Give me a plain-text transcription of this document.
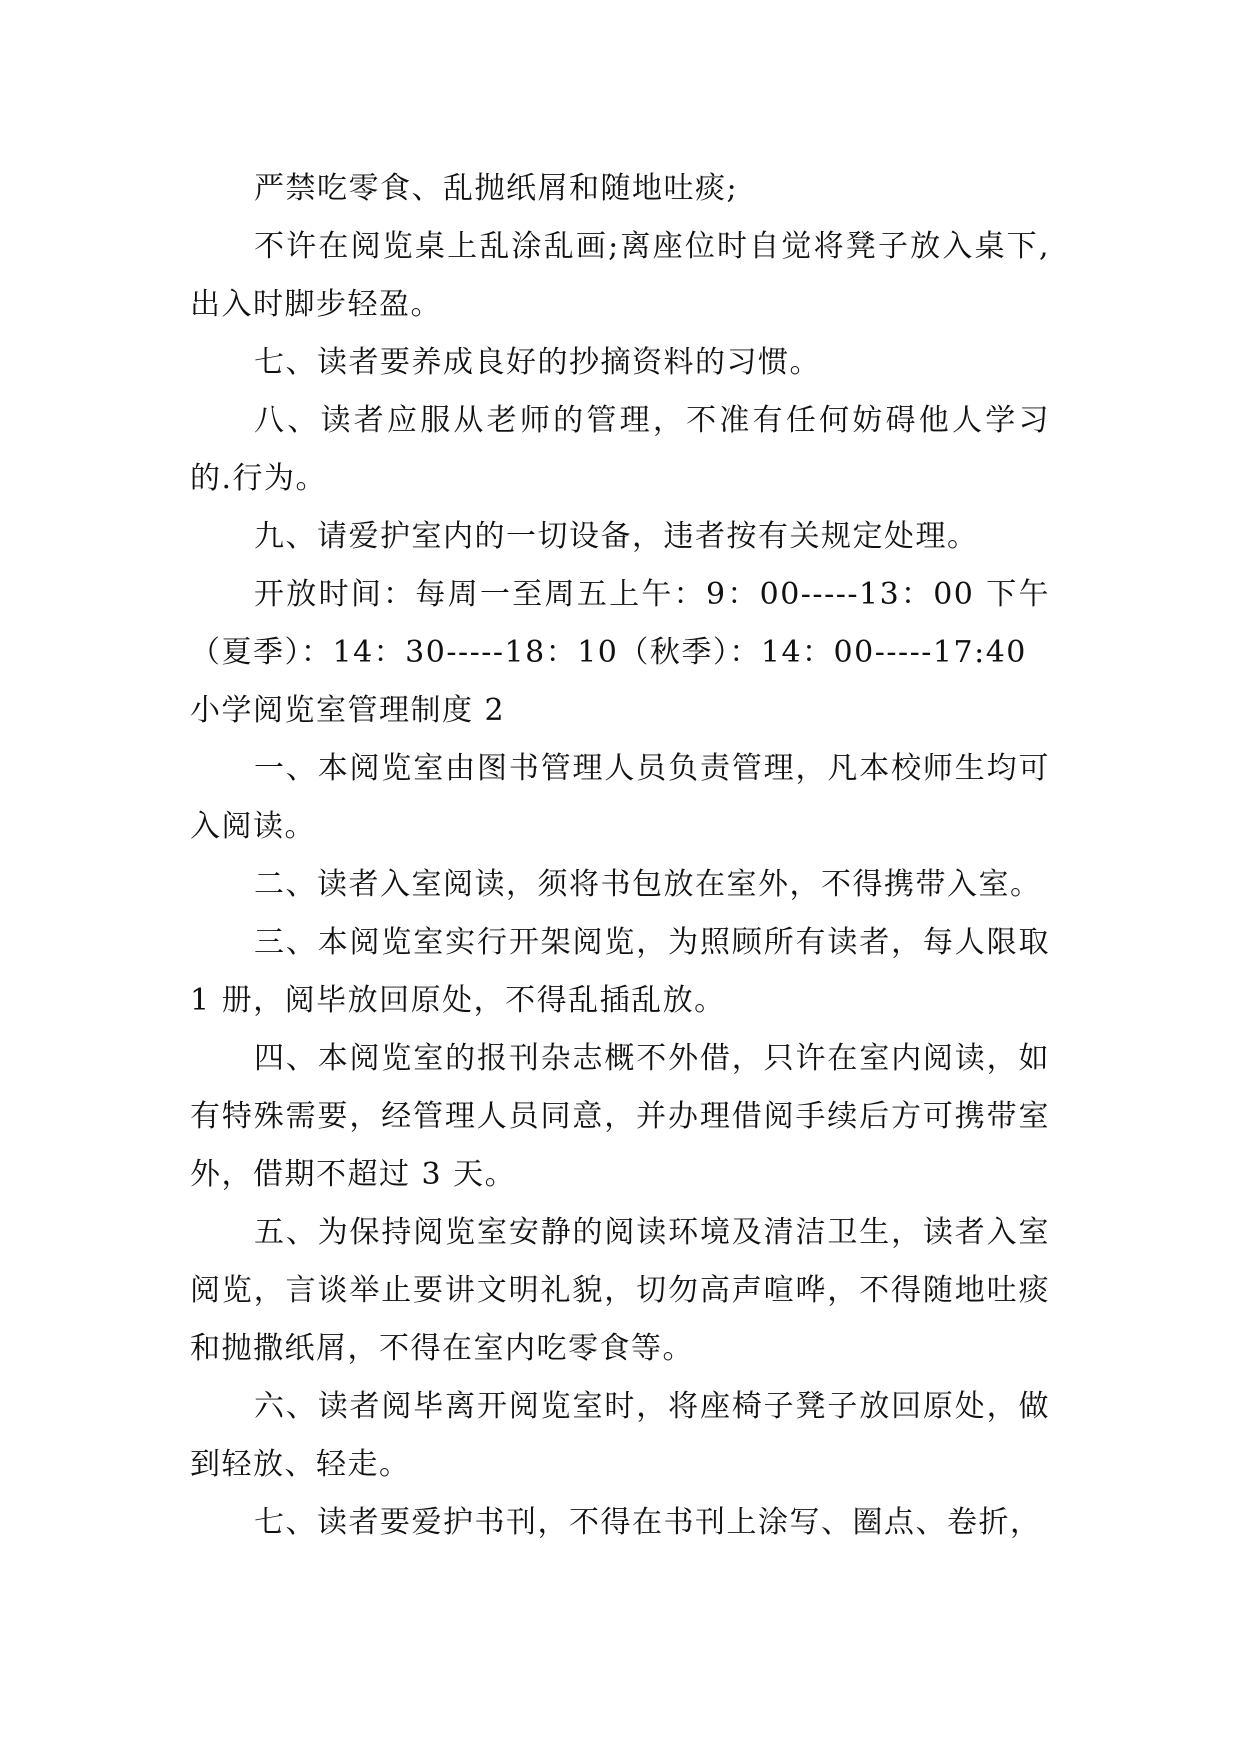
严禁吃零食、乱抛纸屑和随地吐痰;

不许在阅览桌上乱涂乱画;离座位时自觉将凳子放入桌下,出入时脚步轻盈。

七、读者要养成良好的抄摘资料的习惯。

八、读者应服从老师的管理，不准有任何妨碍他人学习的.行为。

九、请爱护室内的一切设备，违者按有关规定处理。

开放时间：每周一至周五上午：9：00-----13：00 下午（夏季）：14：30-----18：10（秋季）：14：00-----17:40

小学阅览室管理制度 2

一、本阅览室由图书管理人员负责管理，凡本校师生均可入阅读。

二、读者入室阅读，须将书包放在室外，不得携带入室。

三、本阅览室实行开架阅览，为照顾所有读者，每人限取 1 册，阅毕放回原处，不得乱插乱放。

四、本阅览室的报刊杂志概不外借，只许在室内阅读，如有特殊需要，经管理人员同意，并办理借阅手续后方可携带室外，借期不超过 3 天。

五、为保持阅览室安静的阅读环境及清洁卫生，读者入室阅览，言谈举止要讲文明礼貌，切勿高声喧哗，不得随地吐痰和抛撒纸屑，不得在室内吃零食等。

六、读者阅毕离开阅览室时，将座椅子凳子放回原处，做到轻放、轻走。

七、读者要爱护书刊，不得在书刊上涂写、圈点、卷折，
